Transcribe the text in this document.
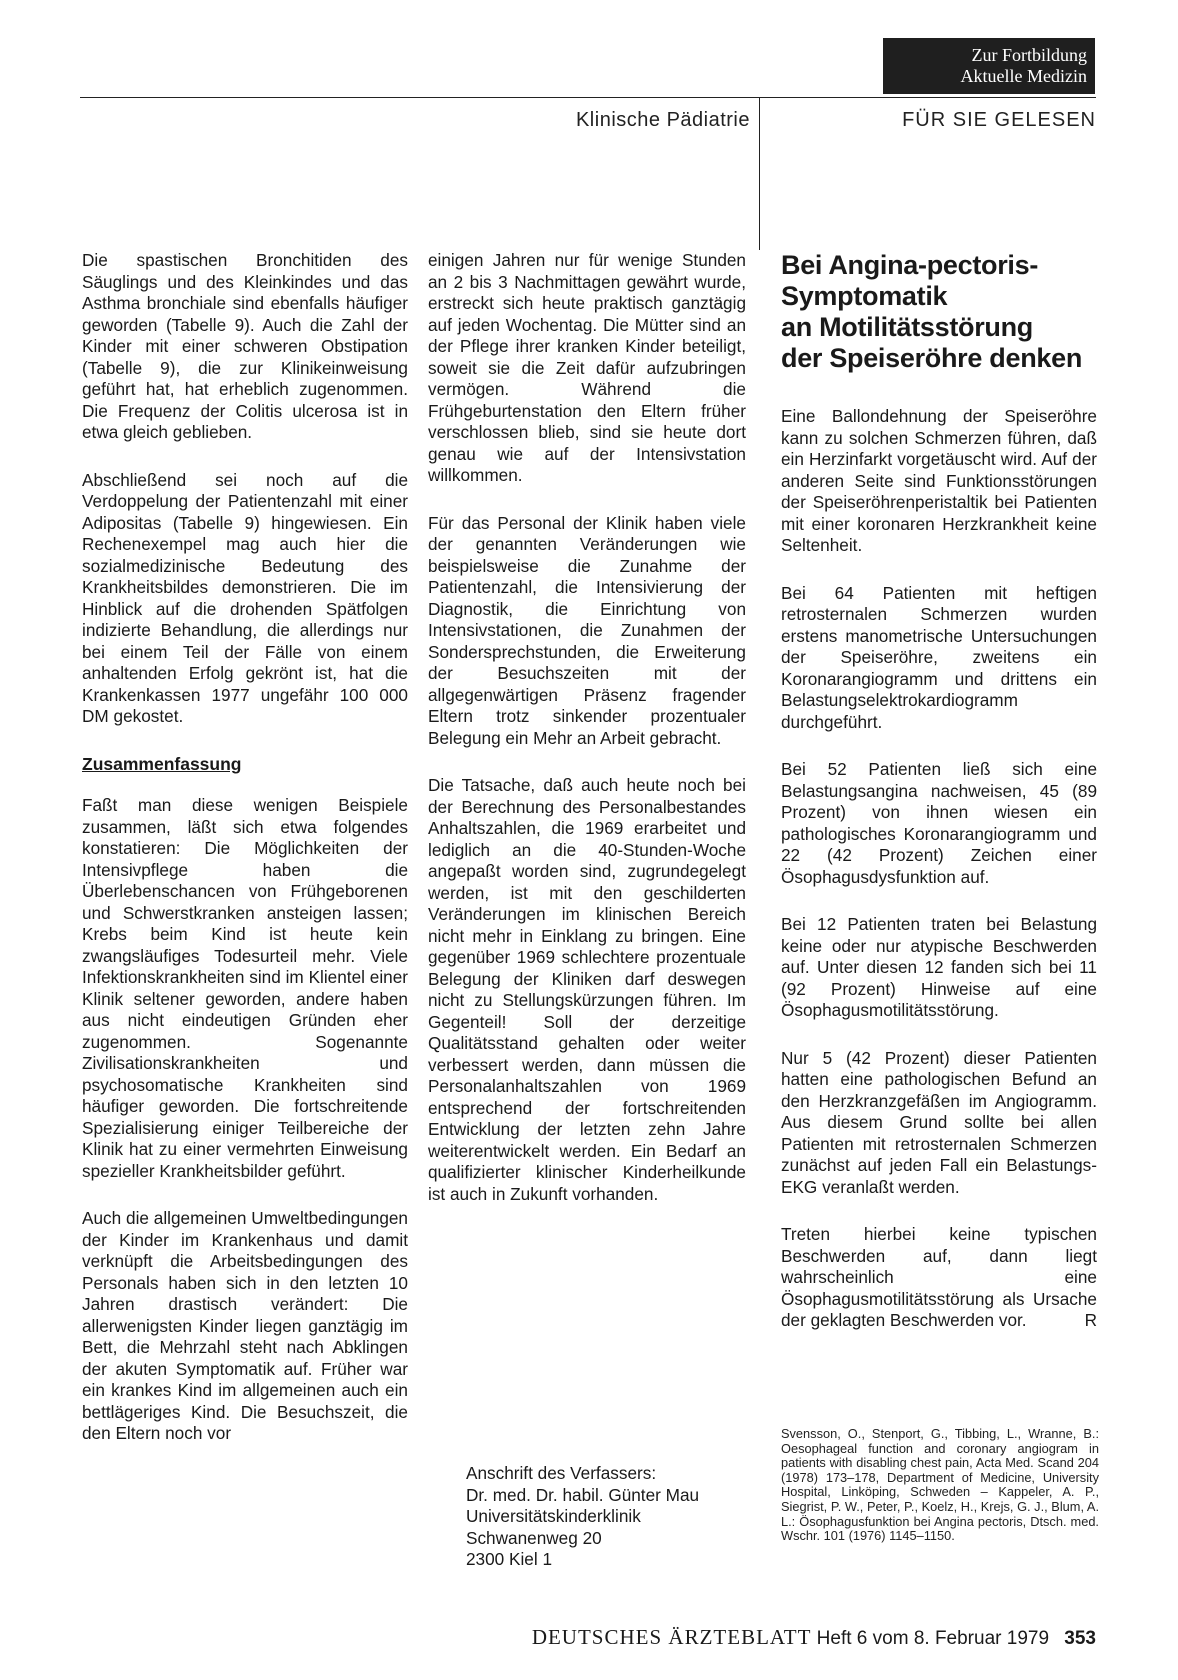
Zur Fortbildung
Aktuelle Medizin
Klinische Pädiatrie	FÜR SIE GELESEN

Die spastischen Bronchitiden des Säuglings und des Kleinkindes und das Asthma bronchiale sind ebenfalls häufiger geworden (Tabelle 9). Auch die Zahl der Kinder mit einer schweren Obstipation (Tabelle 9), die zur Klinikeinweisung geführt hat, hat erheblich zugenommen. Die Frequenz der Colitis ulcerosa ist in etwa gleich geblieben.

Abschließend sei noch auf die Verdoppelung der Patientenzahl mit einer Adipositas (Tabelle 9) hingewiesen. Ein Rechenexempel mag auch hier die sozialmedizinische Bedeutung des Krankheitsbildes demonstrieren. Die im Hinblick auf die drohenden Spätfolgen indizierte Behandlung, die allerdings nur bei einem Teil der Fälle von einem anhaltenden Erfolg gekrönt ist, hat die Krankenkassen 1977 ungefähr 100 000 DM gekostet.

Zusammenfassung

Faßt man diese wenigen Beispiele zusammen, läßt sich etwa folgendes konstatieren: Die Möglichkeiten der Intensivpflege haben die Überlebenschancen von Frühgeborenen und Schwerstkranken ansteigen lassen; Krebs beim Kind ist heute kein zwangsläufiges Todesurteil mehr. Viele Infektionskrankheiten sind im Klientel einer Klinik seltener geworden, andere haben aus nicht eindeutigen Gründen eher zugenommen. Sogenannte Zivilisationskrankheiten und psychosomatische Krankheiten sind häufiger geworden. Die fortschreitende Spezialisierung einiger Teilbereiche der Klinik hat zu einer vermehrten Einweisung spezieller Krankheitsbilder geführt.

Auch die allgemeinen Umweltbedingungen der Kinder im Krankenhaus und damit verknüpft die Arbeitsbedingungen des Personals haben sich in den letzten 10 Jahren drastisch verändert: Die allerwenigsten Kinder liegen ganztägig im Bett, die Mehrzahl steht nach Abklingen der akuten Symptomatik auf. Früher war ein krankes Kind im allgemeinen auch ein bettlägeriges Kind. Die Besuchszeit, die den Eltern noch vor

einigen Jahren nur für wenige Stunden an 2 bis 3 Nachmittagen gewährt wurde, erstreckt sich heute praktisch ganztägig auf jeden Wochentag. Die Mütter sind an der Pflege ihrer kranken Kinder beteiligt, soweit sie die Zeit dafür aufzubringen vermögen. Während die Frühgeburtenstation den Eltern früher verschlossen blieb, sind sie heute dort genau wie auf der Intensivstation willkommen.

Für das Personal der Klinik haben viele der genannten Veränderungen wie beispielsweise die Zunahme der Patientenzahl, die Intensivierung der Diagnostik, die Einrichtung von Intensivstationen, die Zunahmen der Sondersprechstunden, die Erweiterung der Besuchszeiten mit der allgegenwärtigen Präsenz fragender Eltern trotz sinkender prozentualer Belegung ein Mehr an Arbeit gebracht.

Die Tatsache, daß auch heute noch bei der Berechnung des Personalbestandes Anhaltszahlen, die 1969 erarbeitet und lediglich an die 40-Stunden-Woche angepaßt worden sind, zugrundegelegt werden, ist mit den geschilderten Veränderungen im klinischen Bereich nicht mehr in Einklang zu bringen. Eine gegenüber 1969 schlechtere prozentuale Belegung der Kliniken darf deswegen nicht zu Stellungskürzungen führen. Im Gegenteil! Soll der derzeitige Qualitätsstand gehalten oder weiter verbessert werden, dann müssen die Personalanhaltszahlen von 1969 entsprechend der fortschreitenden Entwicklung der letzten zehn Jahre weiterentwickelt werden. Ein Bedarf an qualifizierter klinischer Kinderheilkunde ist auch in Zukunft vorhanden.

Anschrift des Verfassers:
Dr. med. Dr. habil. Günter Mau
Universitätskinderklinik
Schwanenweg 20
2300 Kiel 1
Bei Angina-pectoris-
Symptomatik
an Motilitätsstörung
der Speiseröhre denken

Eine Ballondehnung der Speiseröhre kann zu solchen Schmerzen führen, daß ein Herzinfarkt vorgetäuscht wird. Auf der anderen Seite sind Funktionsstörungen der Speiseröhrenperistaltik bei Patienten mit einer koronaren Herzkrankheit keine Seltenheit.

Bei 64 Patienten mit heftigen retrosternalen Schmerzen wurden erstens manometrische Untersuchungen der Speiseröhre, zweitens ein Koronarangiogramm und drittens ein Belastungselektrokardiogramm durchgeführt.

Bei 52 Patienten ließ sich eine Belastungsangina nachweisen, 45 (89 Prozent) von ihnen wiesen ein pathologisches Koronarangiogramm und 22 (42 Prozent) Zeichen einer Ösophagusdysfunktion auf.

Bei 12 Patienten traten bei Belastung keine oder nur atypische Beschwerden auf. Unter diesen 12 fanden sich bei 11 (92 Prozent) Hinweise auf eine Ösophagusmotilitätsstörung.

Nur 5 (42 Prozent) dieser Patienten hatten eine pathologischen Befund an den Herzkranzgefäßen im Angiogramm. Aus diesem Grund sollte bei allen Patienten mit retrosternalen Schmerzen zunächst auf jeden Fall ein Belastungs-EKG veranlaßt werden.

Treten hierbei keine typischen Beschwerden auf, dann liegt wahrscheinlich eine Ösophagusmotilitätsstörung als Ursache der geklagten Beschwerden vor.	R

Svensson, O., Stenport, G., Tibbing, L., Wranne, B.: Oesophageal function and coronary angiogram in patients with disabling chest pain, Acta Med. Scand 204 (1978) 173–178, Department of Medicine, University Hospital, Linköping, Schweden – Kappeler, A. P., Siegrist, P. W., Peter, P., Koelz, H., Krejs, G. J., Blum, A. L.: Ösophagusfunktion bei Angina pectoris, Dtsch. med. Wschr. 101 (1976) 1145–1150.
DEUTSCHES ÄRZTEBLATT Heft 6 vom 8. Februar 1979 353
